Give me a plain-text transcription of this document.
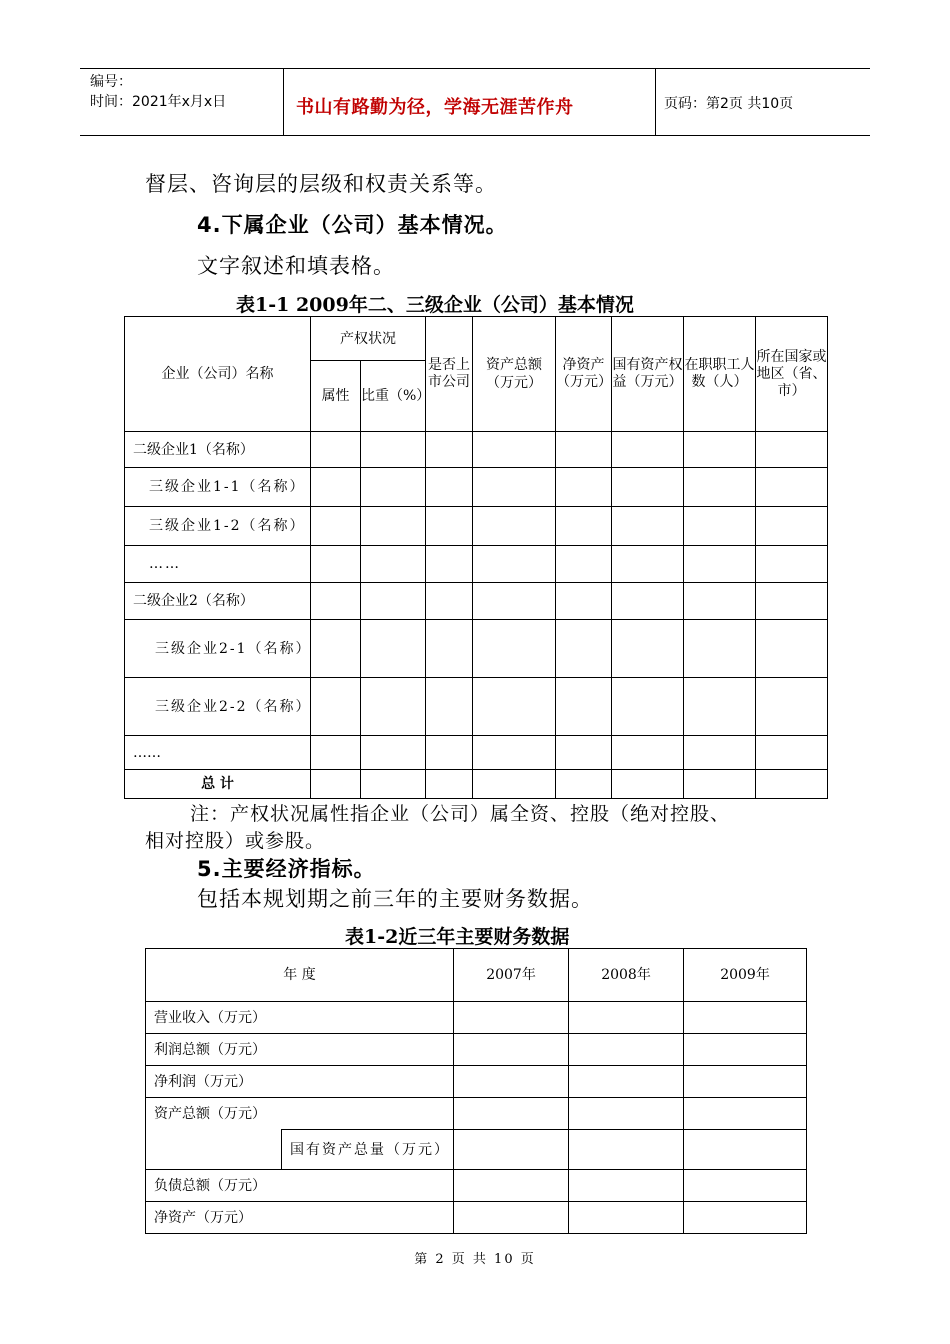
编号：
时间：2021年x月x日	书山有路勤为径，学海无涯苦作舟	页码：第2页 共10页
督层、咨询层的层级和权责关系等。
4.下属企业（公司）基本情况。
文字叙述和填表格。
表1-1 2009年二、三级企业（公司）基本情况
企业（公司）名称	产权状况		是否上市公司	资产总额（万元）	净资产（万元）	国有资产权益（万元）	在职职工人数（人）	所在国家或地区（省、市）
	属性	比重（%）						
二级企业1（名称）								
三级企业1-1（名称）								
三级企业1-2（名称）								
……								
二级企业2（名称）								
三级企业2-1（名称）								
三级企业2-2（名称）								
……								
总 计								
注：产权状况属性指企业（公司）属全资、控股（绝对控股、
相对控股）或参股。
5.主要经济指标。
包括本规划期之前三年的主要财务数据。
表1-2近三年主要财务数据
年 度		2007年	2008年	2009年
营业收入（万元）				
利润总额（万元）				
净利润（万元）				
资产总额（万元）				
	国有资产总量（万元）			
负债总额（万元）				
净资产（万元）				
第 2 页 共 10 页
